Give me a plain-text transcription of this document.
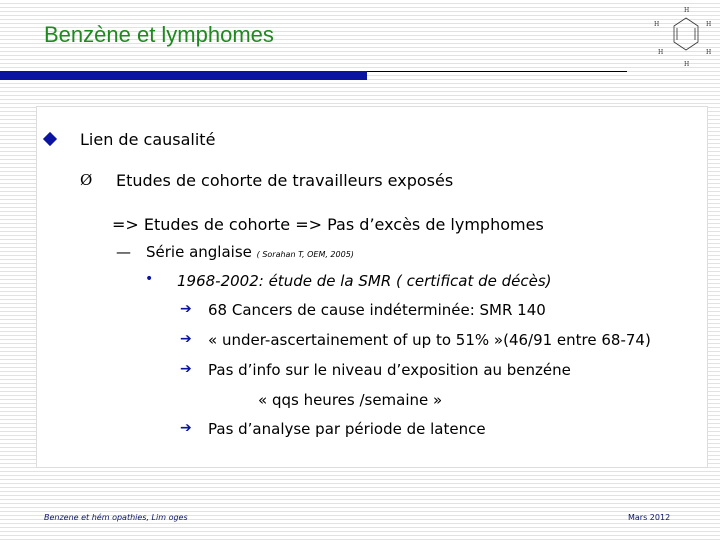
Benzène et lymphomes
H
H
H
H	H
H
Lien de causalité
Ø Etudes de cohorte de travailleurs exposés
=> Etudes de cohorte => Pas d’excès de lymphomes
— Série anglaise ( Sorahan T, OEM, 2005)
• 1968-2002: étude de la SMR ( certificat de décès)
➔ 68 Cancers de cause indéterminée: SMR 140
➔ « under-ascertainement of up to 51% »(46/91 entre 68-74)
➔ Pas d’info sur le niveau d’exposition au benzéne
« qqs heures /semaine »
➔ Pas d’analyse par période de latence
Benzene et hém opathies, Lim oges	Mars 2012
